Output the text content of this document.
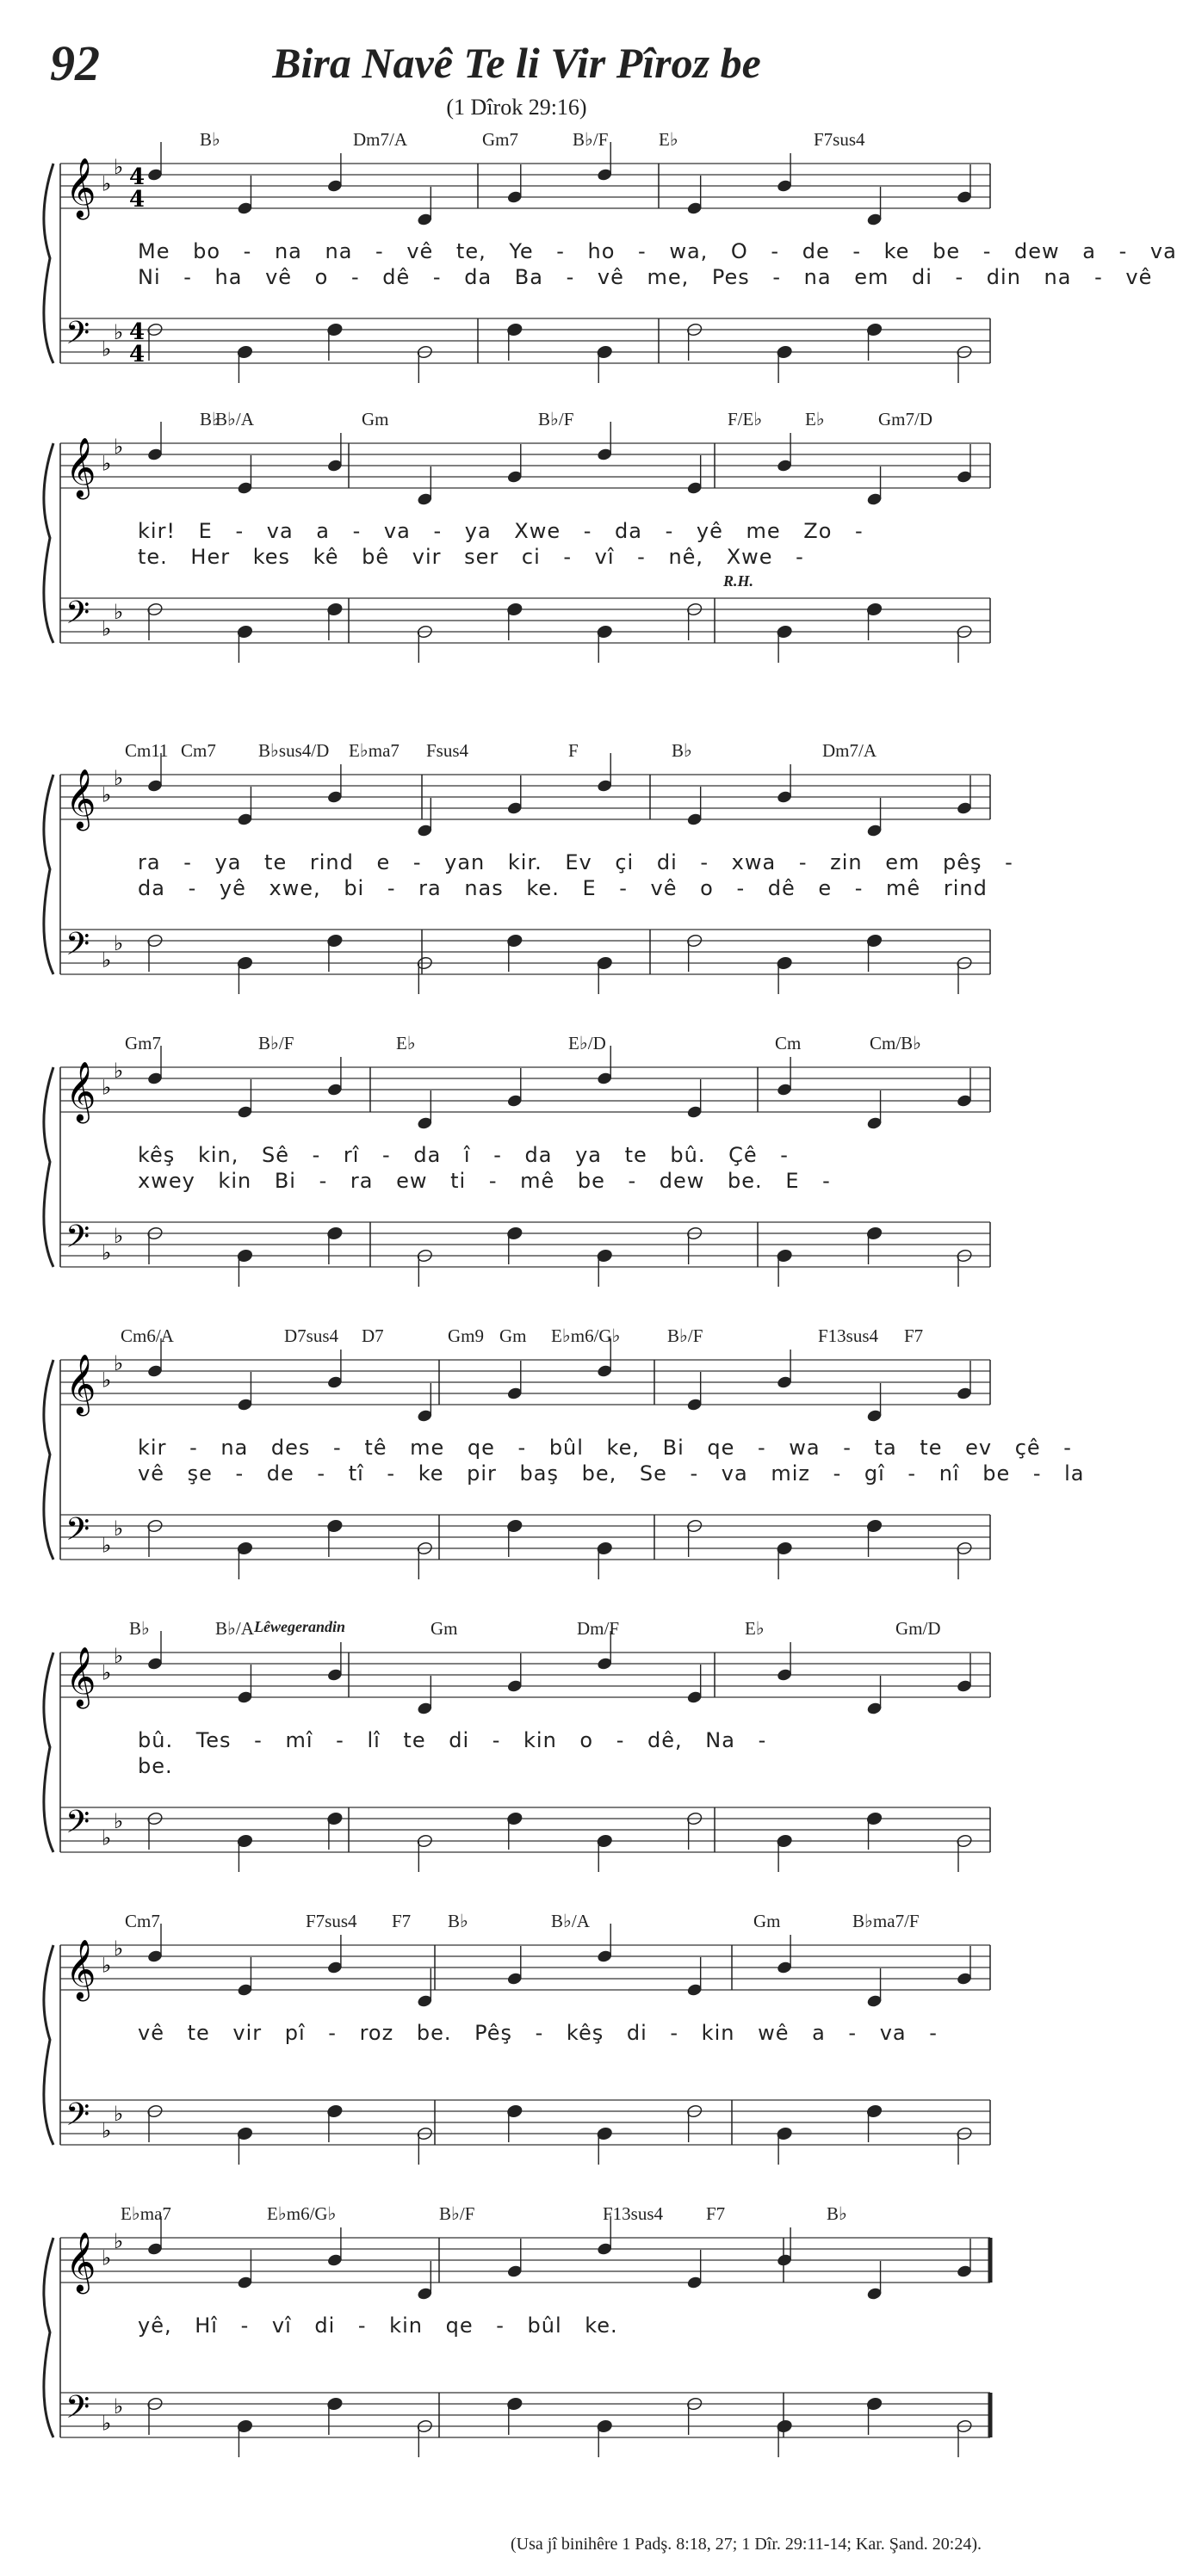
92	Bira Navê Te li Vir Pîroz be
(1 Dîrok 29:16)
𝄞 ♭
♭ 4
4
𝄢 ♭
♭ 4
4
B♭	Dm7/A	Gm7	B♭/F	E♭	F7sus4
Me bo - na na - vê te, Ye - ho - wa, O - de - ke be - dew a - va
Ni - ha vê o - dê - da Ba - vê me, Pes - na em di - din na - vê
𝄞 ♭
♭
𝄢 ♭
♭
B♭
B♭/A	Gm	B♭/F	F/E♭ E♭	Gm7/D
kir! E - va a - va - ya Xwe - da - yê me Zo -
te. Her kes kê bê vir ser ci - vî - nê, Xwe -
R.H.
𝄞 ♭
♭
𝄢 ♭
♭
Cm11 Cm7 B♭sus4/D E♭ma7 Fsus4	F	B♭	Dm7/A
ra - ya te rind e - yan kir. Ev çi di - xwa - zin em pêş -
da - yê xwe, bi - ra nas ke. E - vê o - dê e - mê rind
𝄞 ♭
♭
𝄢 ♭
♭
Gm7	B♭/F	E♭	E♭/D	Cm	Cm/B♭
kêş kin, Sê - rî - da î - da ya te bû. Çê -
xwey kin Bi - ra ew ti - mê be - dew be. E -
𝄞 ♭
♭
𝄢 ♭
♭
Cm6/A	D7sus4 D7	Gm9 Gm E♭m6/G♭	B♭/F	F13sus4 F7
kir - na des - tê me qe - bûl ke, Bi qe - wa - ta te ev çê -
vê şe - de - tî - ke pir baş be, Se - va miz - gî - nî be - la
𝄞 ♭
♭
𝄢 ♭
♭
B♭	B♭/A	Gm	Dm/F	E♭	Gm/D
bû. Tes - mî - lî te di - kin o - dê, Na -
be.
Lêwegerandin
𝄞 ♭
♭
𝄢 ♭
♭
Cm7	F7sus4 F7 B♭	B♭/A	Gm	B♭ma7/F
vê te vir pî - roz be. Pêş - kêş di - kin wê a - va -
𝄞 ♭
♭
𝄢 ♭
♭
E♭ma7	E♭m6/G♭	B♭/F	F13sus4 F7	B♭
yê, Hî - vî di - kin qe - bûl ke.
(Usa jî binihêre 1 Padş. 8:18, 27; 1 Dîr. 29:11-14; Kar. Şand. 20:24).
